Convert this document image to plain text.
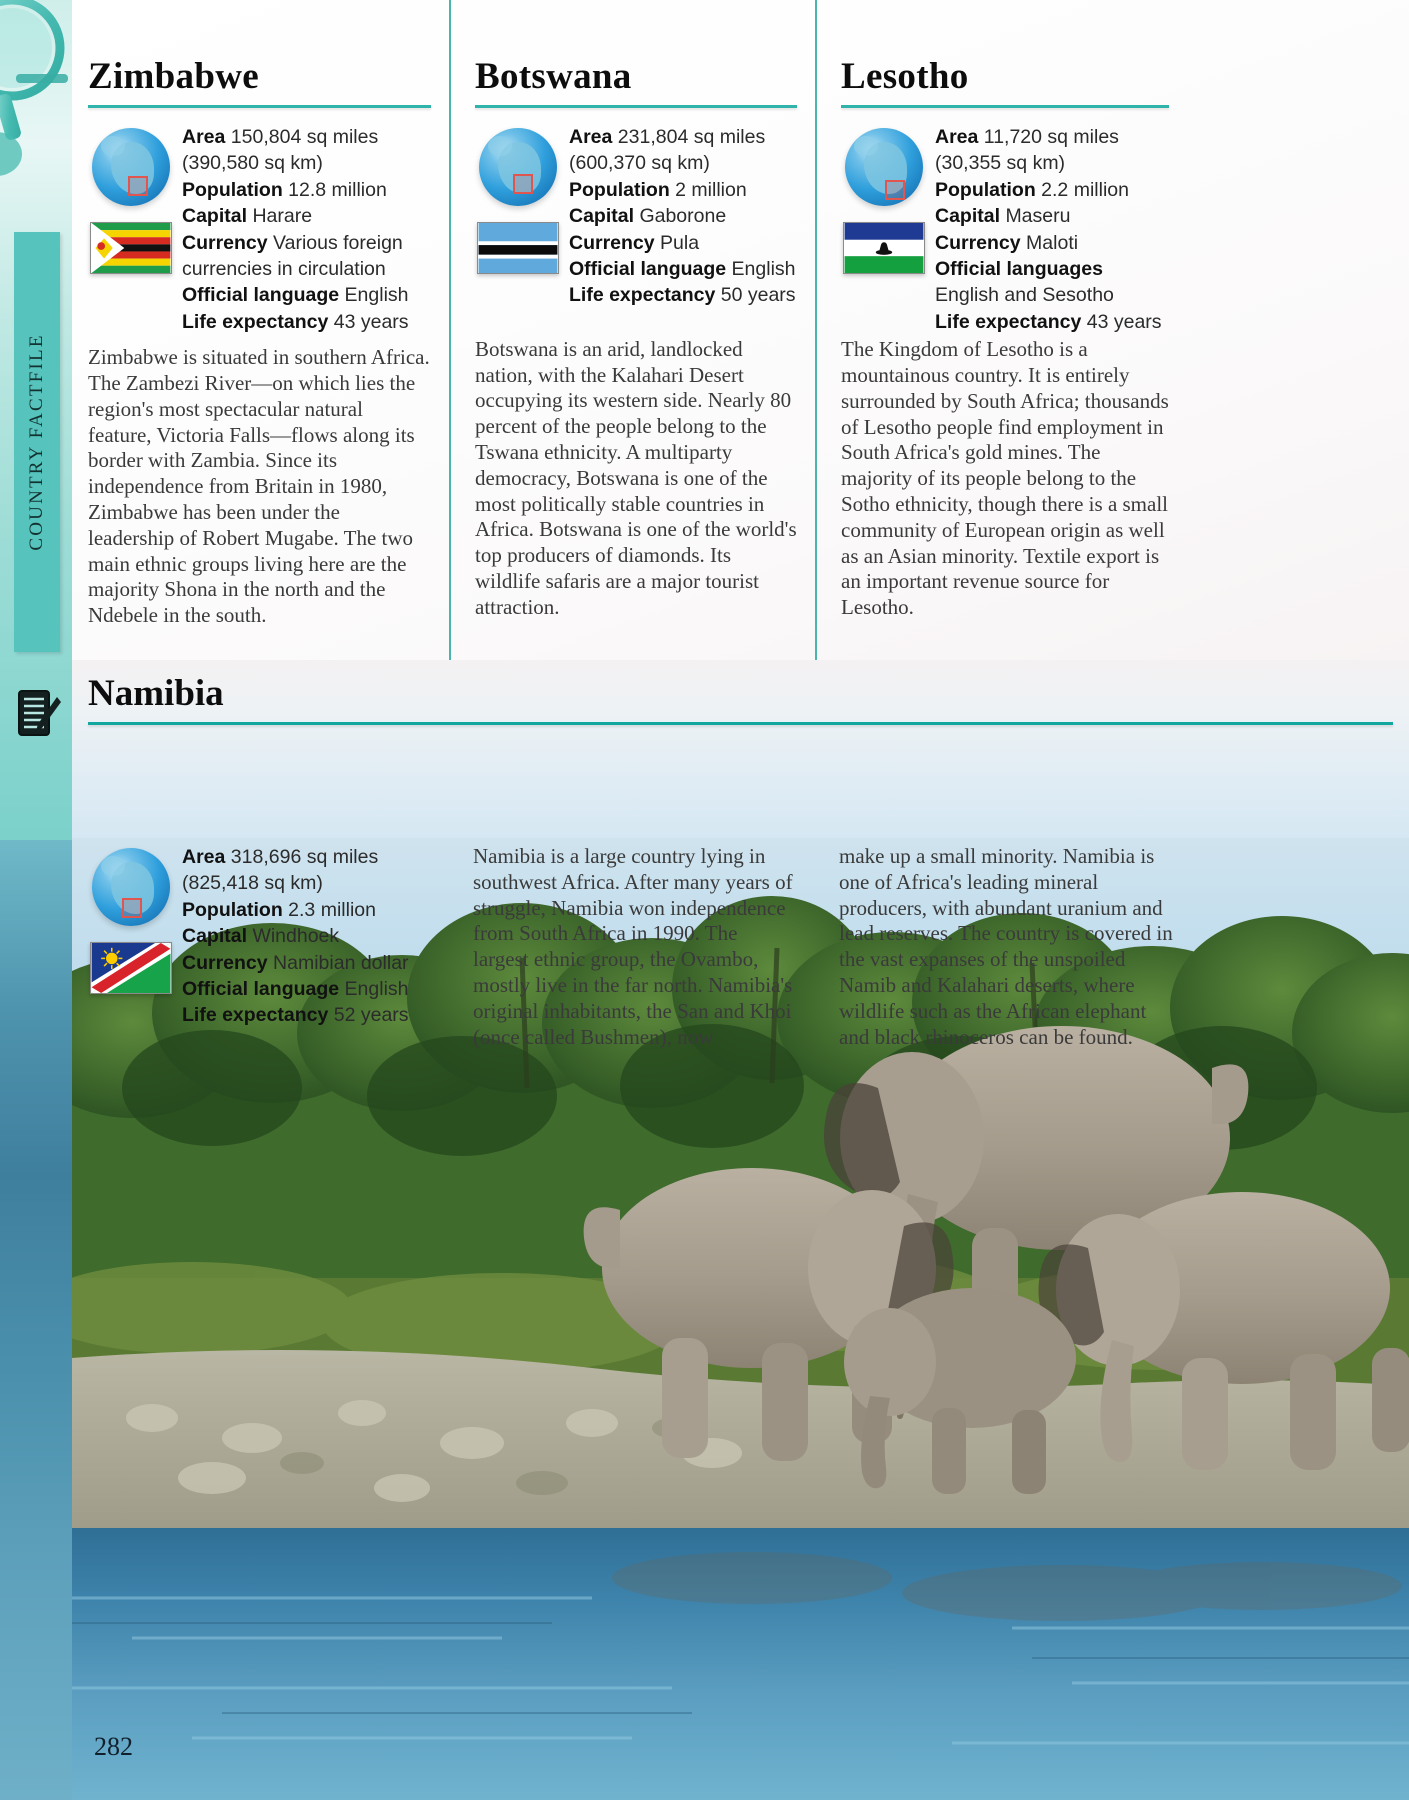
COUNTRY FACTFILE
Zimbabwe
Area 150,804 sq miles
(390,580 sq km)
Population 12.8 million
Capital Harare
Currency Various foreign currencies in circulation
Official language English
Life expectancy 43 years
Zimbabwe is situated in southern Africa. The Zambezi River—on which lies the region's most spectacular natural feature, Victoria Falls—flows along its border with Zambia. Since its independence from Britain in 1980, Zimbabwe has been under the leadership of Robert Mugabe. The two main ethnic groups living here are the majority Shona in the north and the Ndebele in the south.
Botswana
Area 231,804 sq miles
(600,370 sq km)
Population 2 million
Capital Gaborone
Currency Pula
Official language English
Life expectancy 50 years
Botswana is an arid, landlocked nation, with the Kalahari Desert occupying its western side. Nearly 80 percent of the people belong to the Tswana ethnicity. A multiparty democracy, Botswana is one of the most politically stable countries in Africa. Botswana is one of the world's top producers of diamonds. Its wildlife safaris are a major tourist attraction.
Lesotho
Area 11,720 sq miles
(30,355 sq km)
Population 2.2 million
Capital Maseru
Currency Maloti
Official languages English and Sesotho
Life expectancy 43 years
The Kingdom of Lesotho is a mountainous country. It is entirely surrounded by South Africa; thousands of Lesotho people find employment in South Africa's gold mines. The majority of its people belong to the Sotho ethnicity, though there is a small community of European origin as well as an Asian minority. Textile export is an important revenue source for Lesotho.
Namibia
282
Area 318,696 sq miles
(825,418 sq km)
Population 2.3 million
Capital Windhoek
Currency Namibian dollar
Official language English
Life expectancy 52 years
Namibia is a large country lying in southwest Africa. After many years of struggle, Namibia won independence from South Africa in 1990. The largest ethnic group, the Ovambo, mostly live in the far north. Namibia's original inhabitants, the San and Khoi (once called Bushmen), now
make up a small minority. Namibia is one of Africa's leading mineral producers, with abundant uranium and lead reserves. The country is covered in the vast expanses of the unspoiled Namib and Kalahari deserts, where wildlife such as the African elephant and black rhinoceros can be found.
